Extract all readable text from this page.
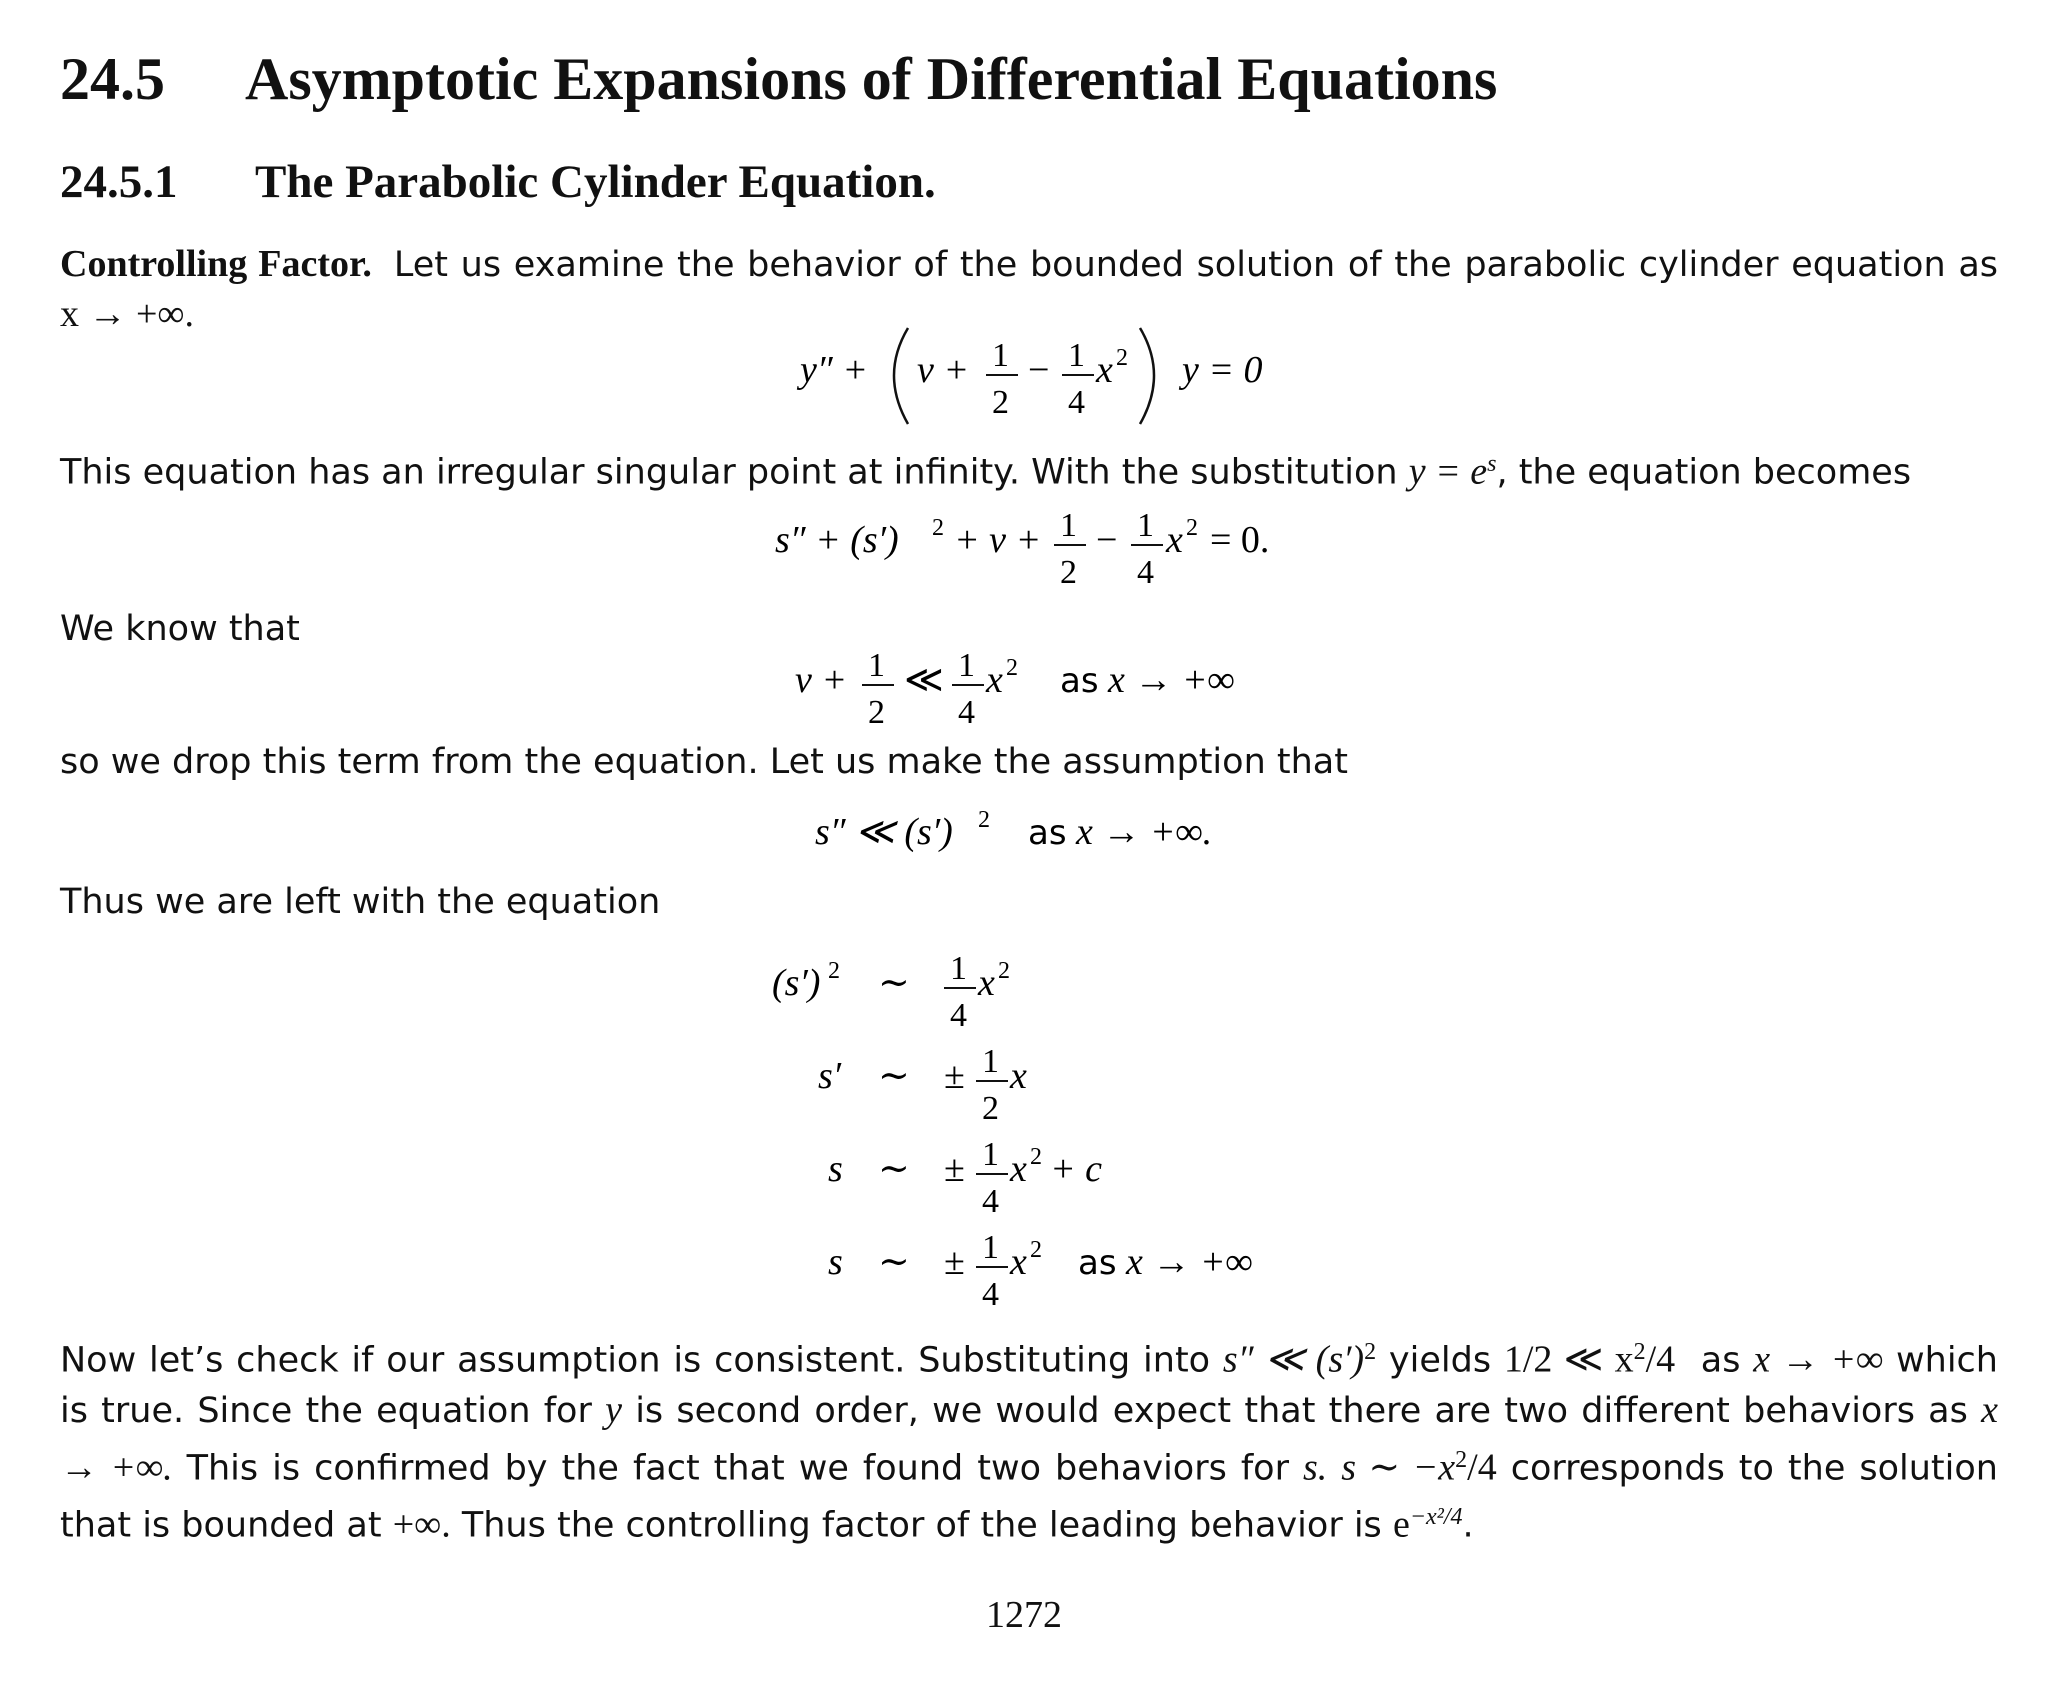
24.5 Asymptotic Expansions of Differential Equations
24.5.1 The Parabolic Cylinder Equation.
Controlling Factor. Let us examine the behavior of the bounded solution of the parabolic cylinder equation as x → +∞.
y″ + ν + 1
2
− 1
4
x 2 y = 0
This equation has an irregular singular point at infinity. With the substitution $y = e^s$, the equation becomes
s″ + (s′) 2 + ν + 1
2
− 1
4
x 2 = 0.
We know that
ν + 1
2
≪ 1
4
x 2 as x → +∞
so we drop this term from the equation. Let us make the assumption that
s″ ≪ (s′) 2 as x → +∞.
Thus we are left with the equation
(s′) 2 ∼ 1
4
x 2
s′ ∼ ± 1
2
x
s ∼ ± 1
4
x 2 + c
s ∼ ± 1
4
x 2 as x → +∞
Now let’s check if our assumption is consistent. Substituting into s″ ≪ $(s')^2$ yields 1/2 ≪ $x^2/4$ as x → +∞ which is true. Since the equation for y is second order, we would expect that there are two different behaviors as x → +∞. This is confirmed by the fact that we found two behaviors for s. s ∼ $-x^2/4$ corresponds to the solution that is bounded at +∞. Thus the controlling factor of the leading behavior is $e^{-x^2/4}$.
1272
